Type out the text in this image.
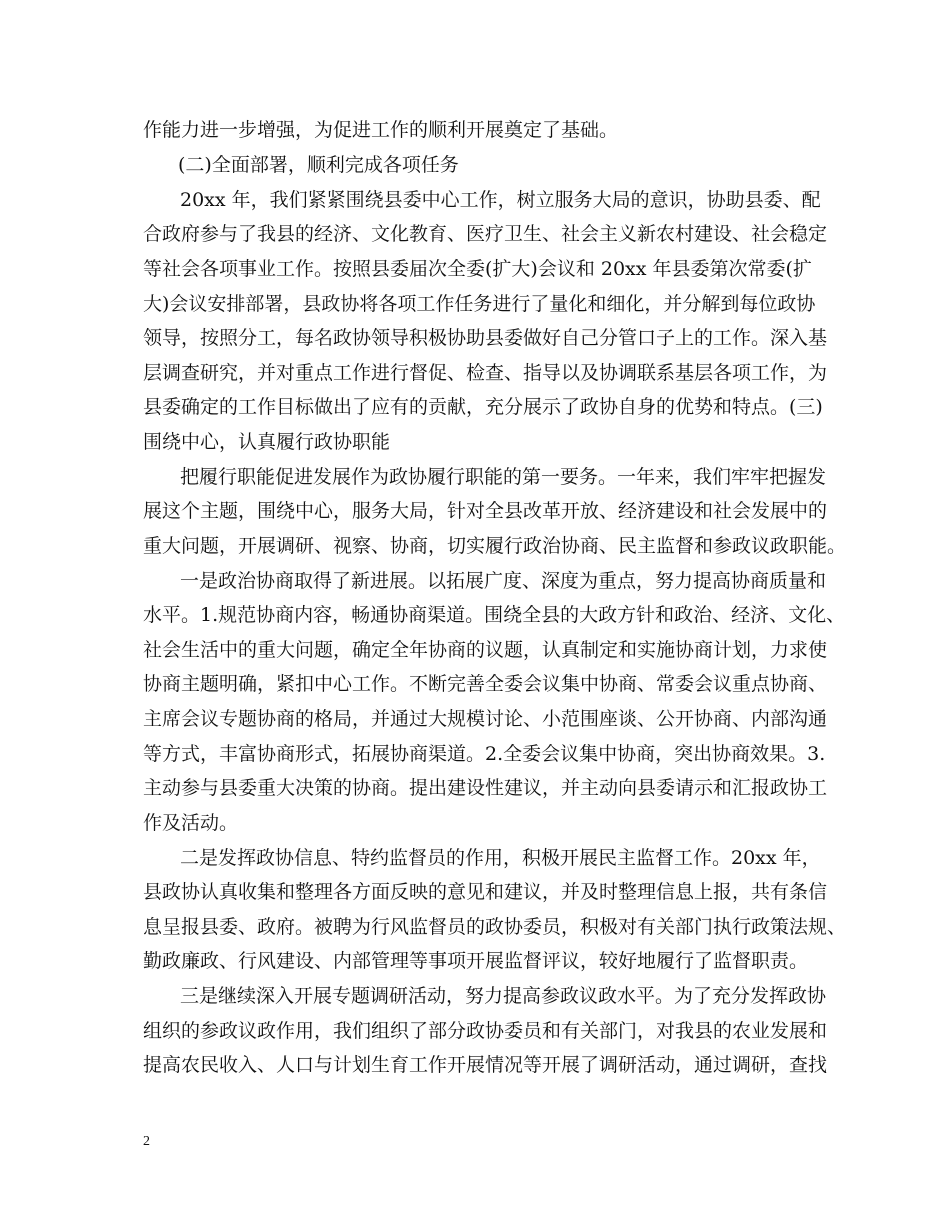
作能力进一步增强，为促进工作的顺利开展奠定了基础。
(二)全面部署，顺利完成各项任务
20xx 年，我们紧紧围绕县委中心工作，树立服务大局的意识，协助县委、配
合政府参与了我县的经济、文化教育、医疗卫生、社会主义新农村建设、社会稳定
等社会各项事业工作。按照县委届次全委(扩大)会议和 20xx 年县委第次常委(扩
大)会议安排部署，县政协将各项工作任务进行了量化和细化，并分解到每位政协
领导，按照分工，每名政协领导积极协助县委做好自己分管口子上的工作。深入基
层调查研究，并对重点工作进行督促、检查、指导以及协调联系基层各项工作，为
县委确定的工作目标做出了应有的贡献，充分展示了政协自身的优势和特点。(三)
围绕中心，认真履行政协职能
把履行职能促进发展作为政协履行职能的第一要务。一年来，我们牢牢把握发
展这个主题，围绕中心，服务大局，针对全县改革开放、经济建设和社会发展中的
重大问题，开展调研、视察、协商，切实履行政治协商、民主监督和参政议政职能。
一是政治协商取得了新进展。以拓展广度、深度为重点，努力提高协商质量和
水平。1.规范协商内容，畅通协商渠道。围绕全县的大政方针和政治、经济、文化、
社会生活中的重大问题，确定全年协商的议题，认真制定和实施协商计划，力求使
协商主题明确，紧扣中心工作。不断完善全委会议集中协商、常委会议重点协商、
主席会议专题协商的格局，并通过大规模讨论、小范围座谈、公开协商、内部沟通
等方式，丰富协商形式，拓展协商渠道。2.全委会议集中协商，突出协商效果。3.
主动参与县委重大决策的协商。提出建设性建议，并主动向县委请示和汇报政协工
作及活动。
二是发挥政协信息、特约监督员的作用，积极开展民主监督工作。20xx 年，
县政协认真收集和整理各方面反映的意见和建议，并及时整理信息上报，共有条信
息呈报县委、政府。被聘为行风监督员的政协委员，积极对有关部门执行政策法规、
勤政廉政、行风建设、内部管理等事项开展监督评议，较好地履行了监督职责。
三是继续深入开展专题调研活动，努力提高参政议政水平。为了充分发挥政协
组织的参政议政作用，我们组织了部分政协委员和有关部门，对我县的农业发展和
提高农民收入、人口与计划生育工作开展情况等开展了调研活动，通过调研，查找
2
